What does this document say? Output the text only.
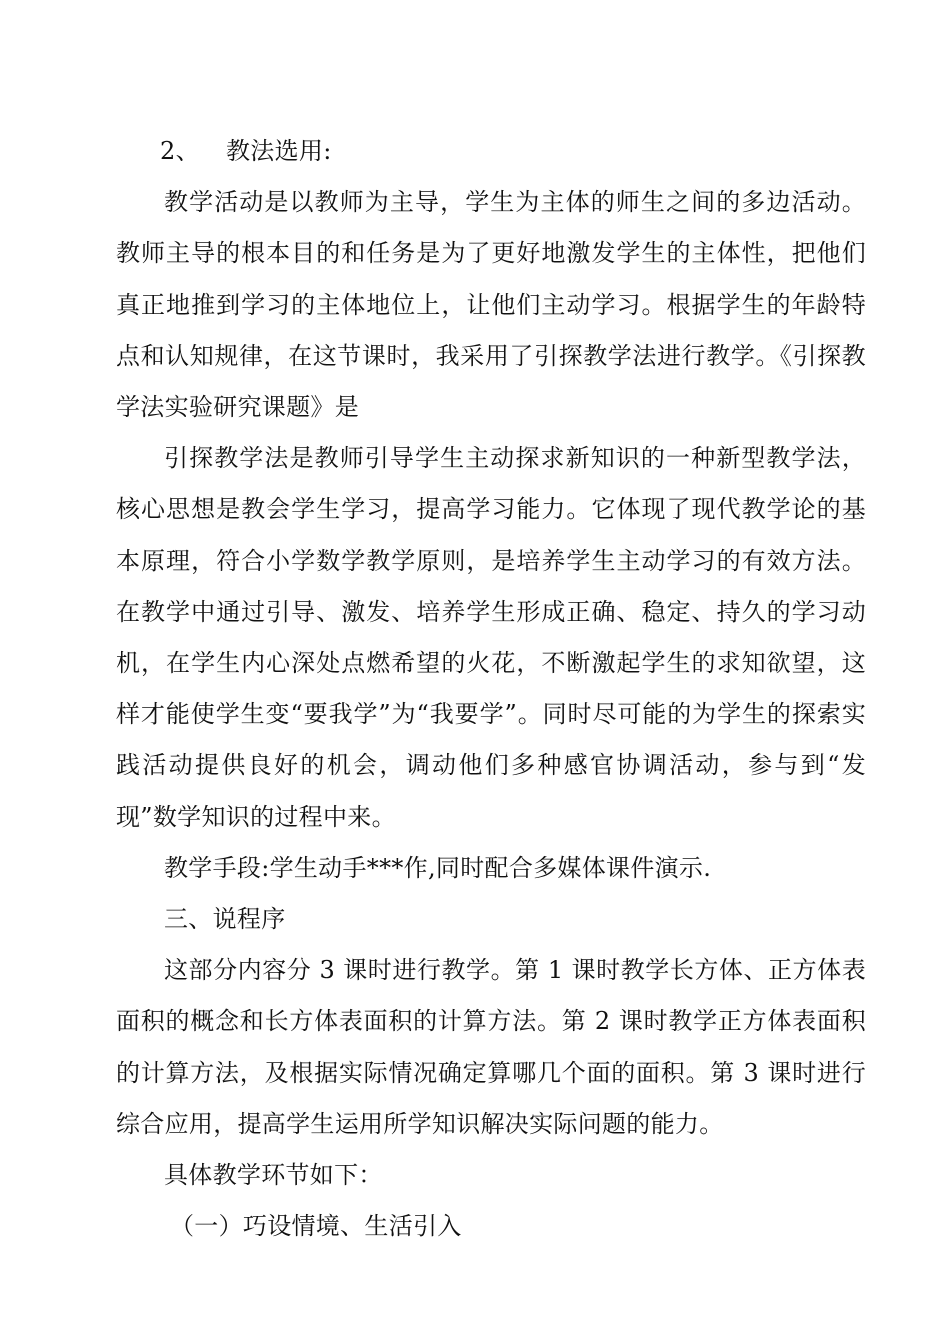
2、 教法选用:

教学活动是以教师为主导，学生为主体的师生之间的多边活动。教师主导的根本目的和任务是为了更好地激发学生的主体性，把他们真正地推到学习的主体地位上，让他们主动学习。根据学生的年龄特点和认知规律，在这节课时，我采用了引探教学法进行教学。《引探教学法实验研究课题》是

引探教学法是教师引导学生主动探求新知识的一种新型教学法，核心思想是教会学生学习，提高学习能力。它体现了现代教学论的基本原理，符合小学数学教学原则，是培养学生主动学习的有效方法。在教学中通过引导、激发、培养学生形成正确、稳定、持久的学习动机，在学生内心深处点燃希望的火花，不断激起学生的求知欲望，这样才能使学生变“要我学”为“我要学”。同时尽可能的为学生的探索实践活动提供良好的机会，调动他们多种感官协调活动，参与到“发现”数学知识的过程中来。

教学手段:学生动手***作,同时配合多媒体课件演示.

三、说程序

这部分内容分 3 课时进行教学。第 1 课时教学长方体、正方体表面积的概念和长方体表面积的计算方法。第 2 课时教学正方体表面积的计算方法，及根据实际情况确定算哪几个面的面积。第 3 课时进行综合应用，提高学生运用所学知识解决实际问题的能力。

具体教学环节如下：

（一）巧设情境、生活引入
